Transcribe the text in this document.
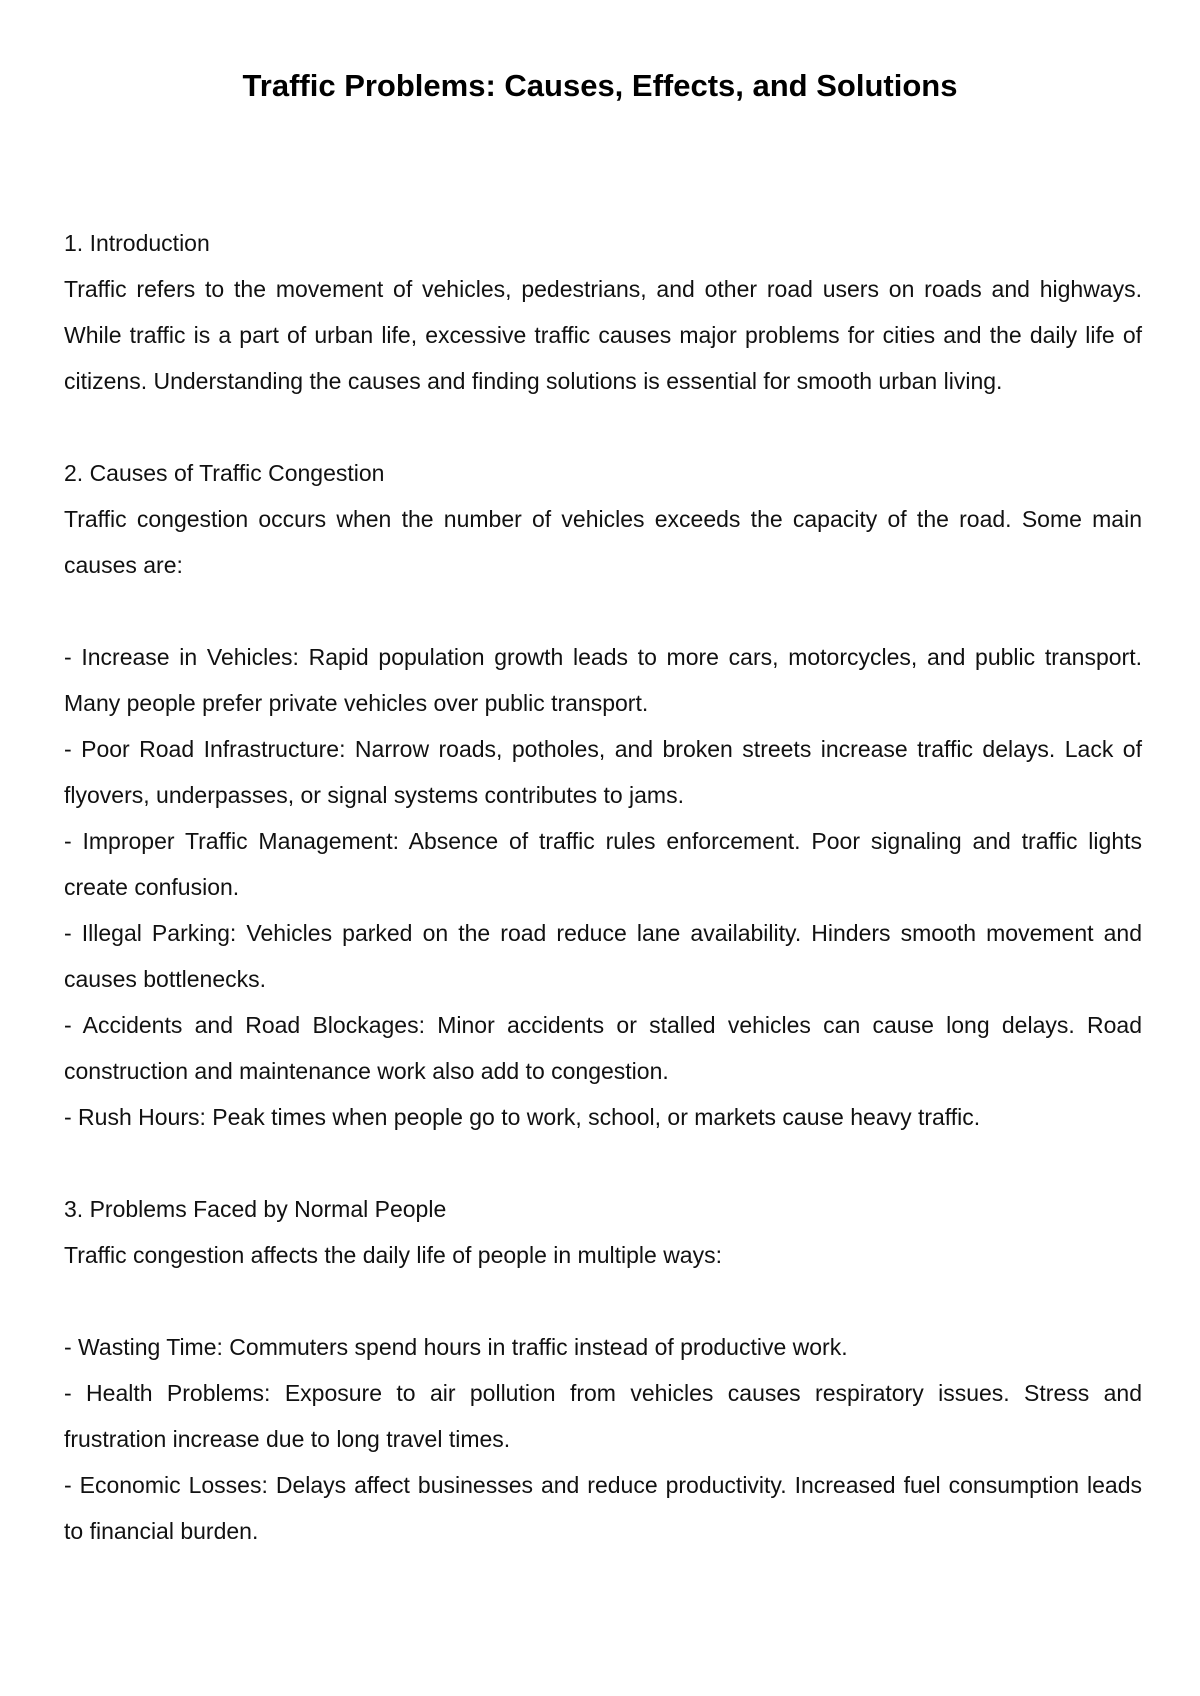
Traffic Problems: Causes, Effects, and Solutions
1. Introduction

Traffic refers to the movement of vehicles, pedestrians, and other road users on roads and highways. While traffic is a part of urban life, excessive traffic causes major problems for cities and the daily life of citizens. Understanding the causes and finding solutions is essential for smooth urban living.

2. Causes of Traffic Congestion

Traffic congestion occurs when the number of vehicles exceeds the capacity of the road. Some main causes are:

- Increase in Vehicles: Rapid population growth leads to more cars, motorcycles, and public transport. Many people prefer private vehicles over public transport.

- Poor Road Infrastructure: Narrow roads, potholes, and broken streets increase traffic delays. Lack of flyovers, underpasses, or signal systems contributes to jams.

- Improper Traffic Management: Absence of traffic rules enforcement. Poor signaling and traffic lights create confusion.

- Illegal Parking: Vehicles parked on the road reduce lane availability. Hinders smooth movement and causes bottlenecks.

- Accidents and Road Blockages: Minor accidents or stalled vehicles can cause long delays. Road construction and maintenance work also add to congestion.

- Rush Hours: Peak times when people go to work, school, or markets cause heavy traffic.

3. Problems Faced by Normal People

Traffic congestion affects the daily life of people in multiple ways:

- Wasting Time: Commuters spend hours in traffic instead of productive work.

- Health Problems: Exposure to air pollution from vehicles causes respiratory issues. Stress and frustration increase due to long travel times.

- Economic Losses: Delays affect businesses and reduce productivity. Increased fuel consumption leads to financial burden.
